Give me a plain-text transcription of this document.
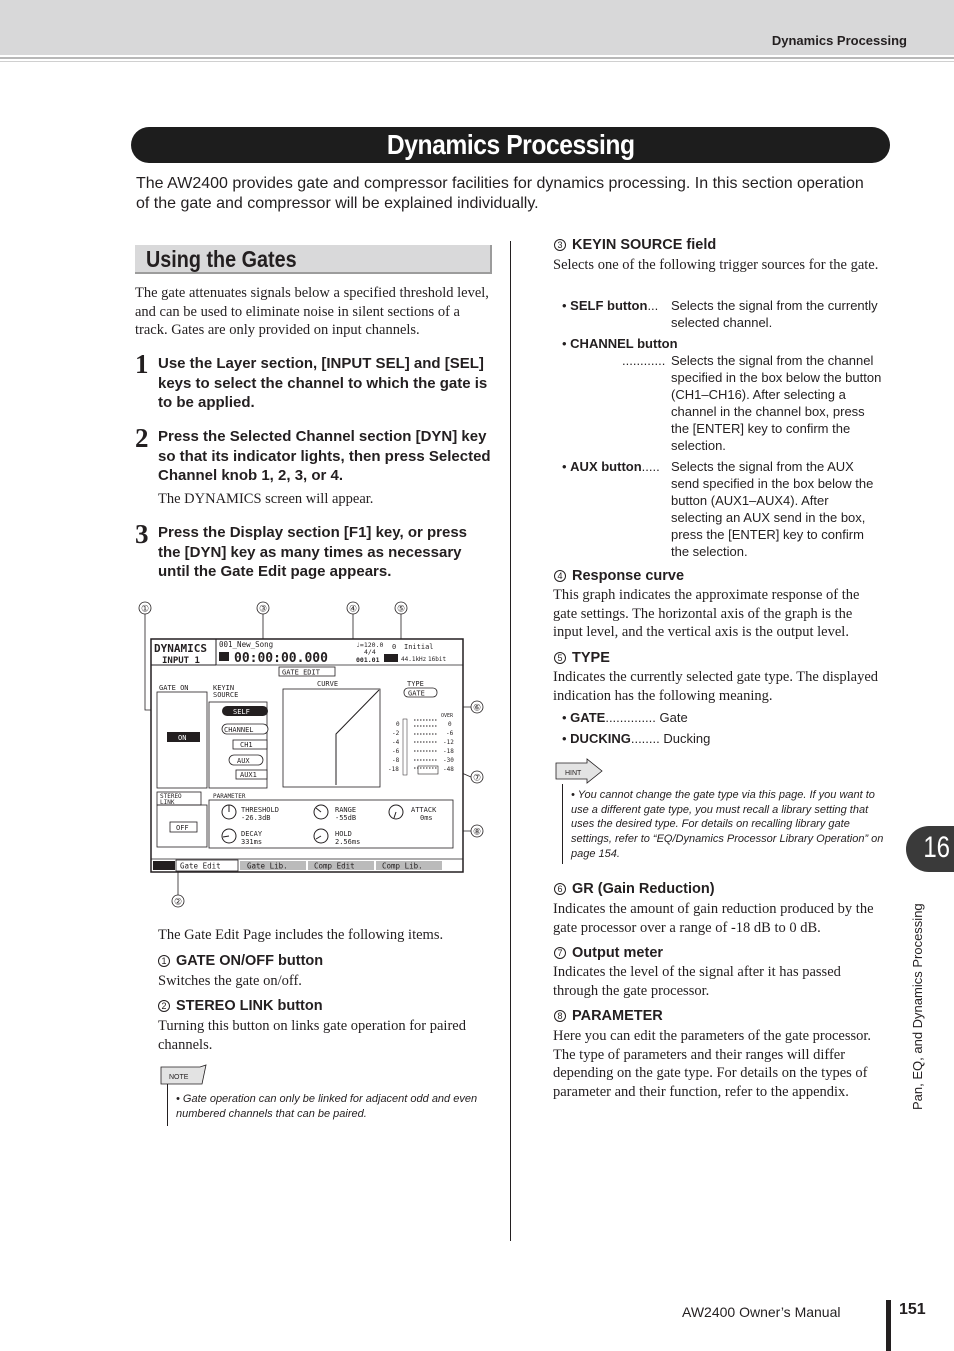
Dynamics Processing
Dynamics Processing
The AW2400 provides gate and compressor facilities for dynamics processing. In this section operation of the gate and compressor will be explained individually.
Using the Gates
The gate attenuates signals below a specified threshold level, and can be used to eliminate noise in silent sections of a track. Gates are only provided on input channels.
1 Use the Layer section, [INPUT SEL] and [SEL] keys to select the channel to which the gate is to be applied.
2 Press the Selected Channel section [DYN] key so that its indicator lights, then press Selected Channel knob 1, 2, 3, or 4.
The DYNAMICS screen will appear.
3 Press the Display section [F1] key, or press the [DYN] key as many times as necessary until the Gate Edit page appears.
①	③	④	⑤
⑥
⑦
⑧
②
DYNAMICS
INPUT 1
001_New_Song
00:00:00.000
♩=120.0
4/4
001.01
0 Initial
44.1kHz 16bit
GATE EDIT
GATE ON
ON
KEYIN
SOURCE
SELF
CHANNEL
CH1
AUX
AUX1
CURVE	TYPE
GATE
OVER
0
-2
-4
-6
-8
-18
0
-6
-12
-18
-30
-48
STEREO
LINK
OFF
PARAMETER
THRESHOLD
-26.3dB
RANGE
-55dB
ATTACK
0ms
DECAY
331ms
HOLD
2.56ms
Gate Edit	Gate Lib.	Comp Edit	Comp Lib.
The Gate Edit Page includes the following items.
1 GATE ON/OFF button
Switches the gate on/off.
2 STEREO LINK button
Turning this button on links gate operation for paired channels.
NOTE
• Gate operation can only be linked for adjacent odd and even numbered channels that can be paired.
3 KEYIN SOURCE field
Selects one of the following trigger sources for the gate.
• SELF button... Selects the signal from the currently selected channel.
• CHANNEL button
............ Selects the signal from the channel specified in the box below the button (CH1–CH16). After selecting a channel in the channel box, press the [ENTER] key to confirm the selection.
• AUX button..... Selects the signal from the AUX send specified in the box below the button (AUX1–AUX4). After selecting an AUX send in the box, press the [ENTER] key to confirm the selection.
4 Response curve
This graph indicates the approximate response of the gate settings. The horizontal axis of the graph is the input level, and the vertical axis is the output level.
5 TYPE
Indicates the currently selected gate type. The displayed indication has the following meaning.
• GATE.............. Gate
• DUCKING........ Ducking
HINT
• You cannot change the gate type via this page. If you want to use a different gate type, you must recall a library setting that uses the desired type. For details on recalling library gate settings, refer to “EQ/Dynamics Processor Library Operation” on page 154.
6 GR (Gain Reduction)
Indicates the amount of gain reduction produced by the gate processor over a range of -18 dB to 0 dB.
7 Output meter
Indicates the level of the signal after it has passed through the gate processor.
8 PARAMETER
Here you can edit the parameters of the gate processor. The type of parameters and their ranges will differ depending on the gate type. For details on the types of parameter and their function, refer to the appendix.
16
Pan, EQ, and Dynamics Processing
AW2400 Owner’s Manual	151
